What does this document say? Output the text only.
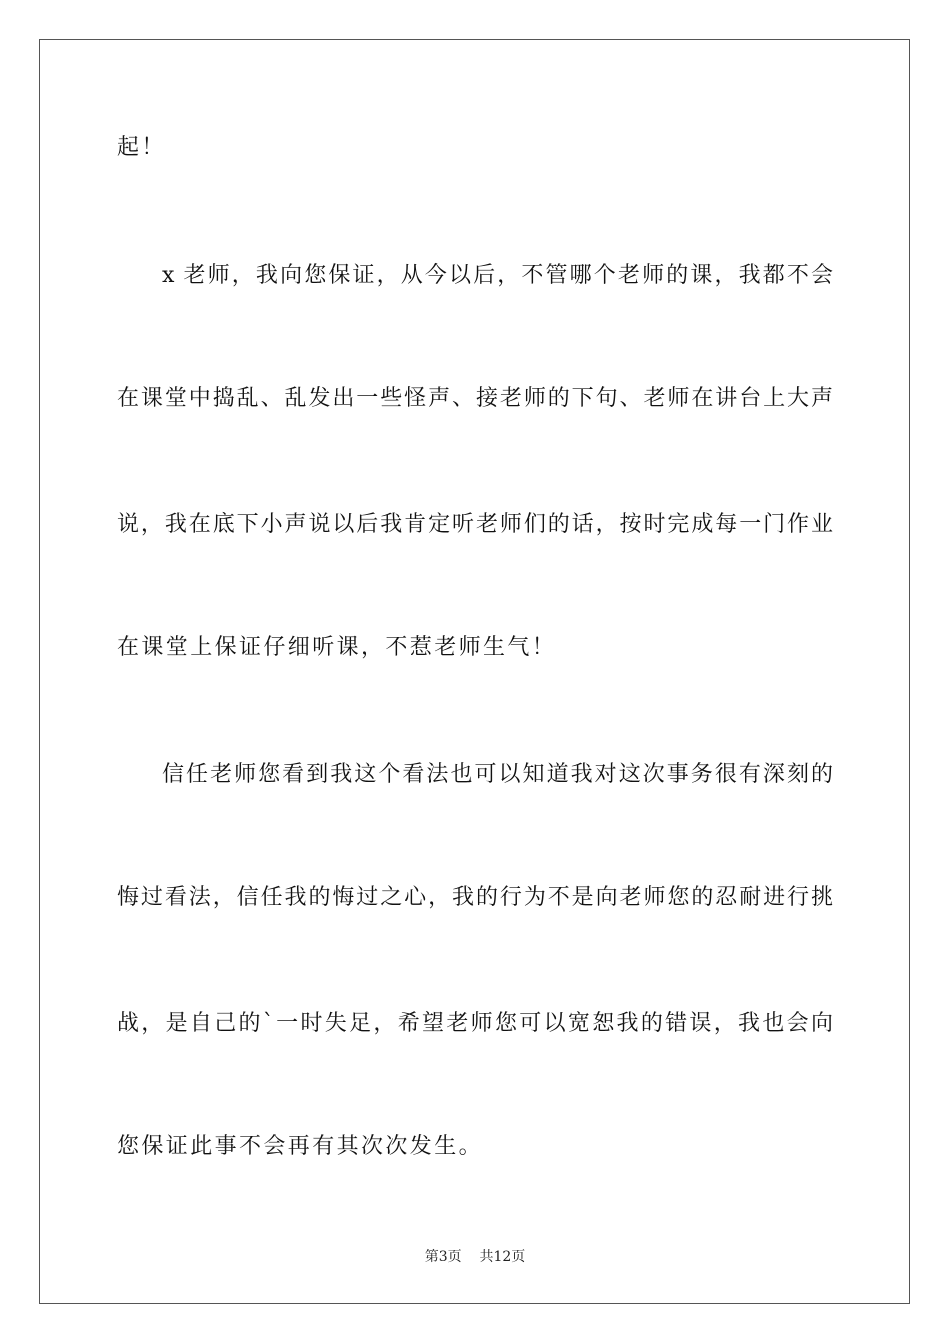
起！
x 老师，我向您保证，从今以后，不管哪个老师的课，我都不会
在课堂中捣乱、乱发出一些怪声、接老师的下句、老师在讲台上大声
说，我在底下小声说以后我肯定听老师们的话，按时完成每一门作业
在课堂上保证仔细听课，不惹老师生气！
信任老师您看到我这个看法也可以知道我对这次事务很有深刻的
悔过看法，信任我的悔过之心，我的行为不是向老师您的忍耐进行挑
战，是自己的`一时失足，希望老师您可以宽恕我的错误，我也会向
您保证此事不会再有其次次发生。
第3页 共12页
